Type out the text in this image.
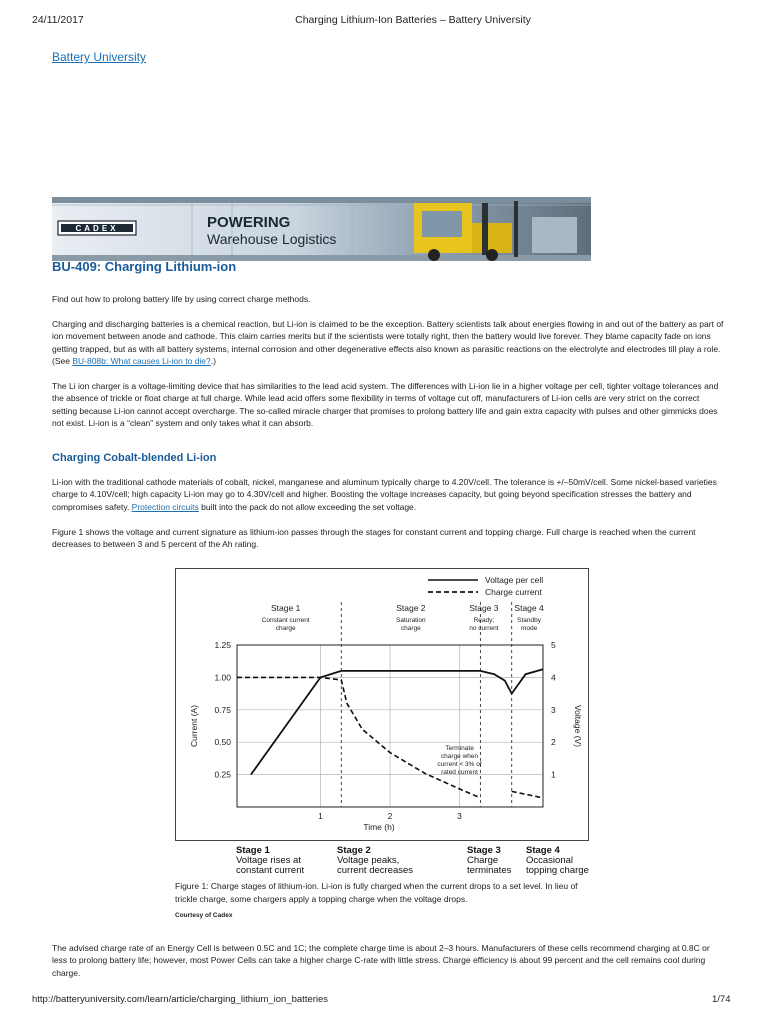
24/11/2017	Charging Lithium-Ion Batteries – Battery University
Battery University
POWERING
Warehouse Logistics
CADEX
BU-409: Charging Lithium-ion

Find out how to prolong battery life by using correct charge methods.

Charging and discharging batteries is a chemical reaction, but Li-ion is claimed to be the exception. Battery scientists talk about energies flowing in and out of the battery as part of ion movement between anode and cathode. This claim carries merits but if the scientists were totally right, then the battery would live forever. They blame capacity fade on ions getting trapped, but as with all battery systems, internal corrosion and other degenerative effects also known as parasitic reactions on the electrolyte and electrodes till play a role. (See BU-808b: What causes Li-ion to die?.)

The Li ion charger is a voltage-limiting device that has similarities to the lead acid system. The differences with Li-ion lie in a higher voltage per cell, tighter voltage tolerances and the absence of trickle or float charge at full charge. While lead acid offers some flexibility in terms of voltage cut off, manufacturers of Li-ion cells are very strict on the correct setting because Li-ion cannot accept overcharge. The so-called miracle charger that promises to prolong battery life and gain extra capacity with pulses and other gimmicks does not exist. Li-ion is a “clean” system and only takes what it can absorb.

Charging Cobalt-blended Li-ion

Li-ion with the traditional cathode materials of cobalt, nickel, manganese and aluminum typically charge to 4.20V/cell. The tolerance is +/–50mV/cell. Some nickel-based varieties charge to 4.10V/cell; high capacity Li-ion may go to 4.30V/cell and higher. Boosting the voltage increases capacity, but going beyond specification stresses the battery and compromises safety. Protection circuits built into the pack do not allow exceeding the set voltage.

Figure 1 shows the voltage and current signature as lithium-ion passes through the stages for constant current and topping charge. Full charge is reached when the current decreases to between 3 and 5 percent of the Ah rating.

Stage 1
Constant current
charge
Stage 2
Saturation
charge
Stage 3
Ready;
no current
Stage 4
Standby
mode
0.25
0.50
0.75
1.00
1.25
1
2
3
4
5
1	2	3
Time (h)
Current (A)	Voltage (V)
Voltage per cell
Charge current
Terminate
charge when
current < 3% of
rated current
Stage 1
Voltage rises at
constant current
Stage 2
Voltage peaks,
current decreases
Stage 3
Charge
terminates
Stage 4
Occasional
topping charge

Figure 1: Charge stages of lithium-ion. Li-ion is fully charged when the current drops to a set level. In lieu of trickle charge, some chargers apply a topping charge when the voltage drops.

Courtesy of Cadex

The advised charge rate of an Energy Cell is between 0.5C and 1C; the complete charge time is about 2–3 hours. Manufacturers of these cells recommend charging at 0.8C or less to prolong battery life; however, most Power Cells can take a higher charge C-rate with little stress. Charge efficiency is about 99 percent and the cell remains cool during charge.

http://batteryuniversity.com/learn/article/charging_lithium_ion_batteries	1/74
